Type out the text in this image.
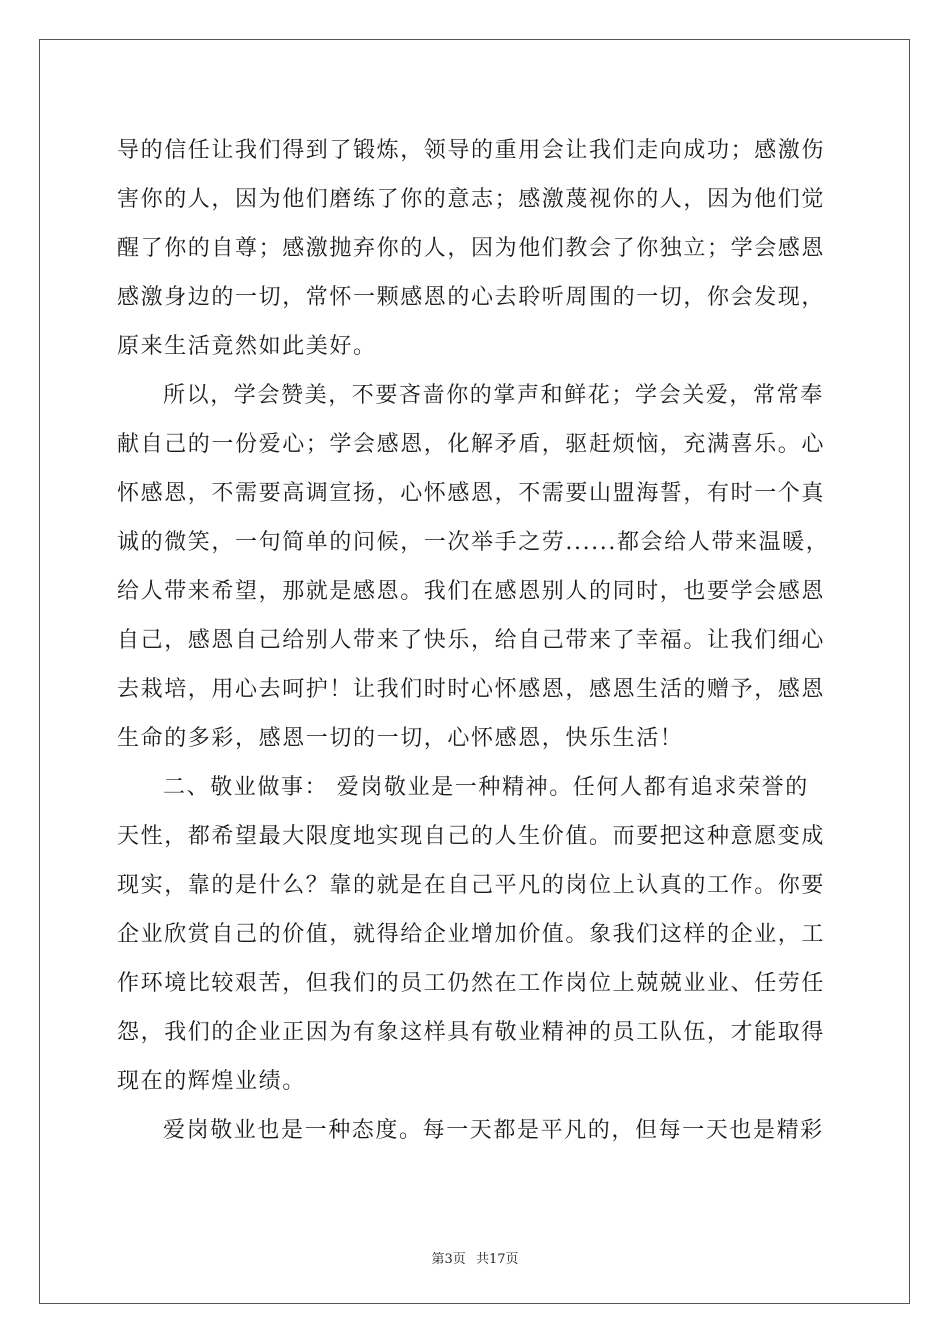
导的信任让我们得到了锻炼，领导的重用会让我们走向成功；感激伤
害你的人，因为他们磨练了你的意志；感激蔑视你的人，因为他们觉
醒了你的自尊；感激抛弃你的人，因为他们教会了你独立；学会感恩
感激身边的一切，常怀一颗感恩的心去聆听周围的一切，你会发现，
原来生活竟然如此美好。

所以，学会赞美，不要吝啬你的掌声和鲜花；学会关爱，常常奉
献自己的一份爱心；学会感恩，化解矛盾，驱赶烦恼，充满喜乐。心
怀感恩，不需要高调宣扬，心怀感恩，不需要山盟海誓，有时一个真
诚的微笑，一句简单的问候，一次举手之劳......都会给人带来温暖，
给人带来希望，那就是感恩。我们在感恩别人的同时，也要学会感恩
自己，感恩自己给别人带来了快乐，给自己带来了幸福。让我们细心
去栽培，用心去呵护！让我们时时心怀感恩，感恩生活的赠予，感恩
生命的多彩，感恩一切的一切，心怀感恩，快乐生活！

二、敬业做事： 爱岗敬业是一种精神。任何人都有追求荣誉的
天性，都希望最大限度地实现自己的人生价值。而要把这种意愿变成
现实，靠的是什么？靠的就是在自己平凡的岗位上认真的工作。你要
企业欣赏自己的价值，就得给企业增加价值。象我们这样的企业，工
作环境比较艰苦，但我们的员工仍然在工作岗位上兢兢业业、任劳任
怨，我们的企业正因为有象这样具有敬业精神的员工队伍，才能取得
现在的辉煌业绩。

爱岗敬业也是一种态度。每一天都是平凡的，但每一天也是精彩

第3页 共17页
